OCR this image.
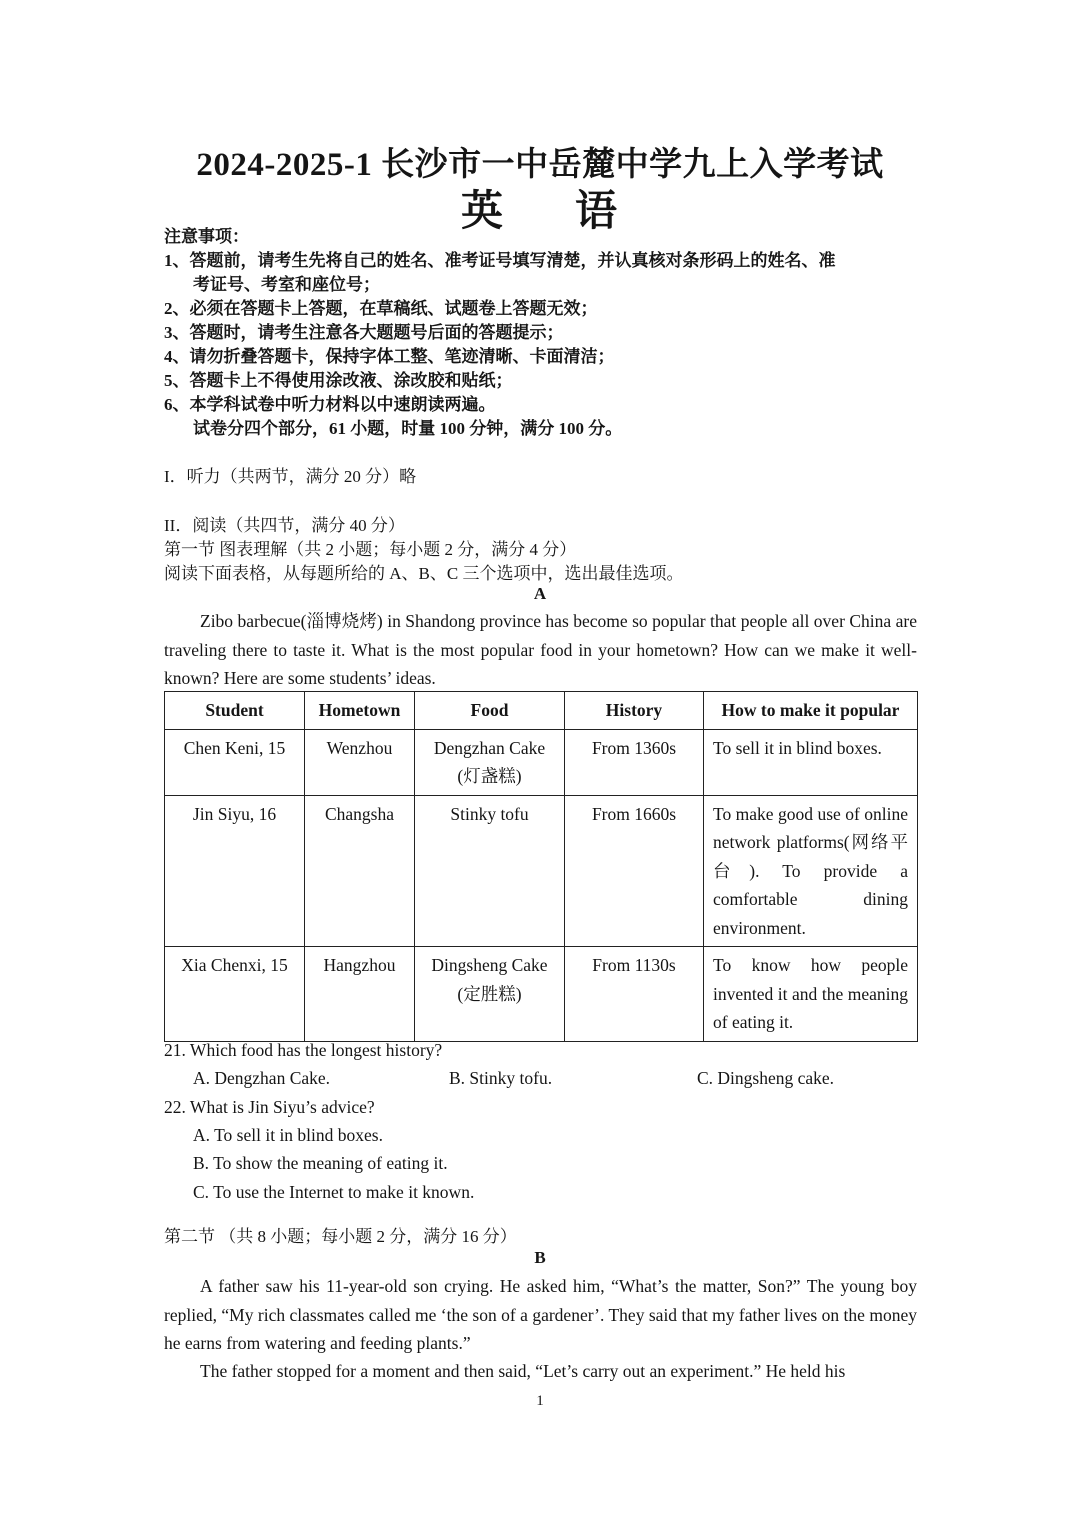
2024-2025-1 长沙市一中岳麓中学九上入学考试
英 语
注意事项：
1、答题前，请考生先将自己的姓名、准考证号填写清楚，并认真核对条形码上的姓名、准
考证号、考室和座位号；
2、必须在答题卡上答题，在草稿纸、试题卷上答题无效；
3、答题时，请考生注意各大题题号后面的答题提示；
4、请勿折叠答题卡，保持字体工整、笔迹清晰、卡面清洁；
5、答题卡上不得使用涂改液、涂改胶和贴纸；
6、本学科试卷中听力材料以中速朗读两遍。
试卷分四个部分，61 小题，时量 100 分钟，满分 100 分。
I．听力（共两节，满分 20 分）略
II．阅读（共四节，满分 40 分）
第一节 图表理解（共 2 小题；每小题 2 分，满分 4 分）
阅读下面表格，从每题所给的 A、B、C 三个选项中，选出最佳选项。
A
Zibo barbecue(淄博烧烤) in Shandong province has become so popular that people all over China are traveling there to taste it. What is the most popular food in your hometown? How can we make it well-known? Here are some students’ ideas.
Student	Hometown	Food	History	How to make it popular
Chen Keni, 15	Wenzhou	Dengzhan Cake (灯盏糕)	From 1360s	To sell it in blind boxes.
Jin Siyu, 16	Changsha	Stinky tofu	From 1660s	To make good use of online network platforms(网络平台). To provide a comfortable dining environment.
Xia Chenxi, 15	Hangzhou	Dingsheng Cake (定胜糕)	From 1130s	To know how people invented it and the meaning of eating it.
21. Which food has the longest history?
A. Dengzhan Cake.	B. Stinky tofu.	C. Dingsheng cake.
22. What is Jin Siyu’s advice?
A. To sell it in blind boxes.
B. To show the meaning of eating it.
C. To use the Internet to make it known.
第二节 （共 8 小题；每小题 2 分，满分 16 分）
B
A father saw his 11-year-old son crying. He asked him, “What’s the matter, Son?” The young boy replied, “My rich classmates called me ‘the son of a gardener’. They said that my father lives on the money he earns from watering and feeding plants.”
The father stopped for a moment and then said, “Let’s carry out an experiment.” He held his
1
